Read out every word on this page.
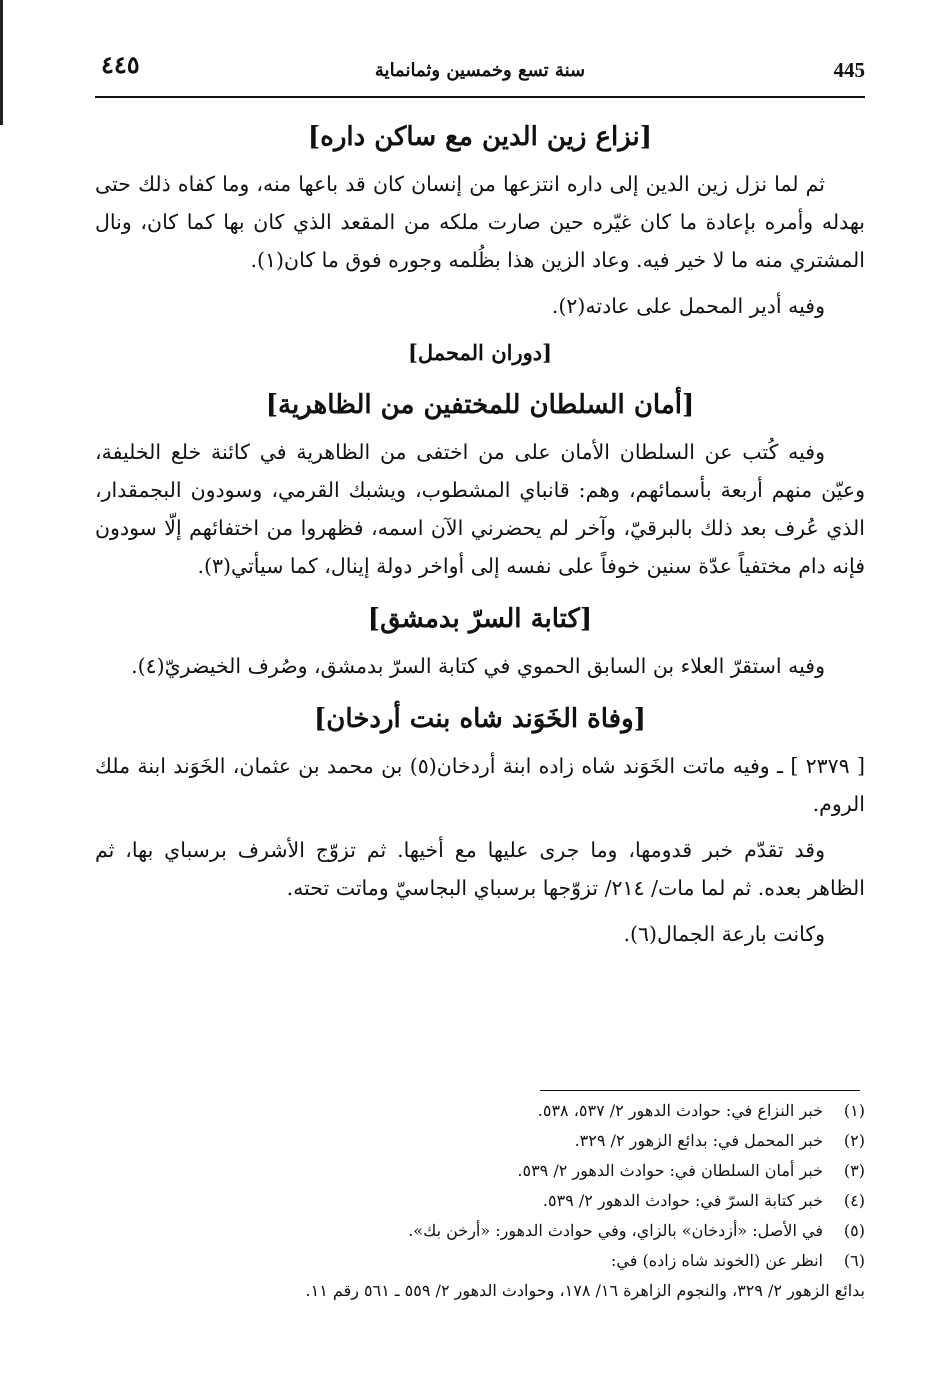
٤٤٥	سنة تسع وخمسين وثمانماية	445
[نزاع زين الدين مع ساكن داره]

ثم لما نزل زين الدين إلى داره انتزعها من إنسان كان قد باعها منه، وما كفاه ذلك حتى بهدله وأمره بإعادة ما كان غيّره حين صارت ملكه من المقعد الذي كان بها كما كان، ونال المشتري منه ما لا خير فيه. وعاد الزين هذا بظُلمه وجوره فوق ما كان(١).

وفيه أدير المحمل على عادته(٢).

[دوران المحمل]
[أمان السلطان للمختفين من الظاهرية]

وفيه كُتب عن السلطان الأمان على من اختفى من الظاهرية في كائنة خلع الخليفة، وعيّن منهم أربعة بأسمائهم، وهم: قانباي المشطوب، ويشبك القرمي، وسودون البجمقدار، الذي عُرف بعد ذلك بالبرقيّ، وآخر لم يحضرني الآن اسمه، فظهروا من اختفائهم إلّا سودون فإنه دام مختفياً عدّة سنين خوفاً على نفسه إلى أواخر دولة إينال، كما سيأتي(٣).

[كتابة السرّ بدمشق]

وفيه استقرّ العلاء بن السابق الحموي في كتابة السرّ بدمشق، وصُرف الخيضريّ(٤).

[وفاة الخَوَند شاه بنت أردخان]

[ ٢٣٧٩ ] ـ وفيه ماتت الخَوَند شاه زاده ابنة أردخان(٥) بن محمد بن عثمان، الخَوَند ابنة ملك الروم.

وقد تقدّم خبر قدومها، وما جرى عليها مع أخيها. ثم تزوّج الأشرف برسباي بها، ثم الظاهر بعده. ثم لما مات/ ٢١٤/ تزوّجها برسباي البجاسيّ وماتت تحته.

وكانت بارعة الجمال(٦).

(١)
خبر النزاع في: حوادث الدهور ٢/ ٥٣٧، ٥٣٨.
(٢)
خبر المحمل في: بدائع الزهور ٢/ ٣٢٩.
(٣)
خبر أمان السلطان في: حوادث الدهور ٢/ ٥٣٩.
(٤)
خبر كتابة السرّ في: حوادث الدهور ٢/ ٥٣٩.
(٥)
في الأصل: «أزدخان» بالزاي، وفي حوادث الدهور: «أرخن بك».
(٦)
انظر عن (الخوند شاه زاده) في:
بدائع الزهور ٢/ ٣٢٩، والنجوم الزاهرة ١٦/ ١٧٨، وحوادث الدهور ٢/ ٥٥٩ ـ ٥٦١ رقم ١١.
